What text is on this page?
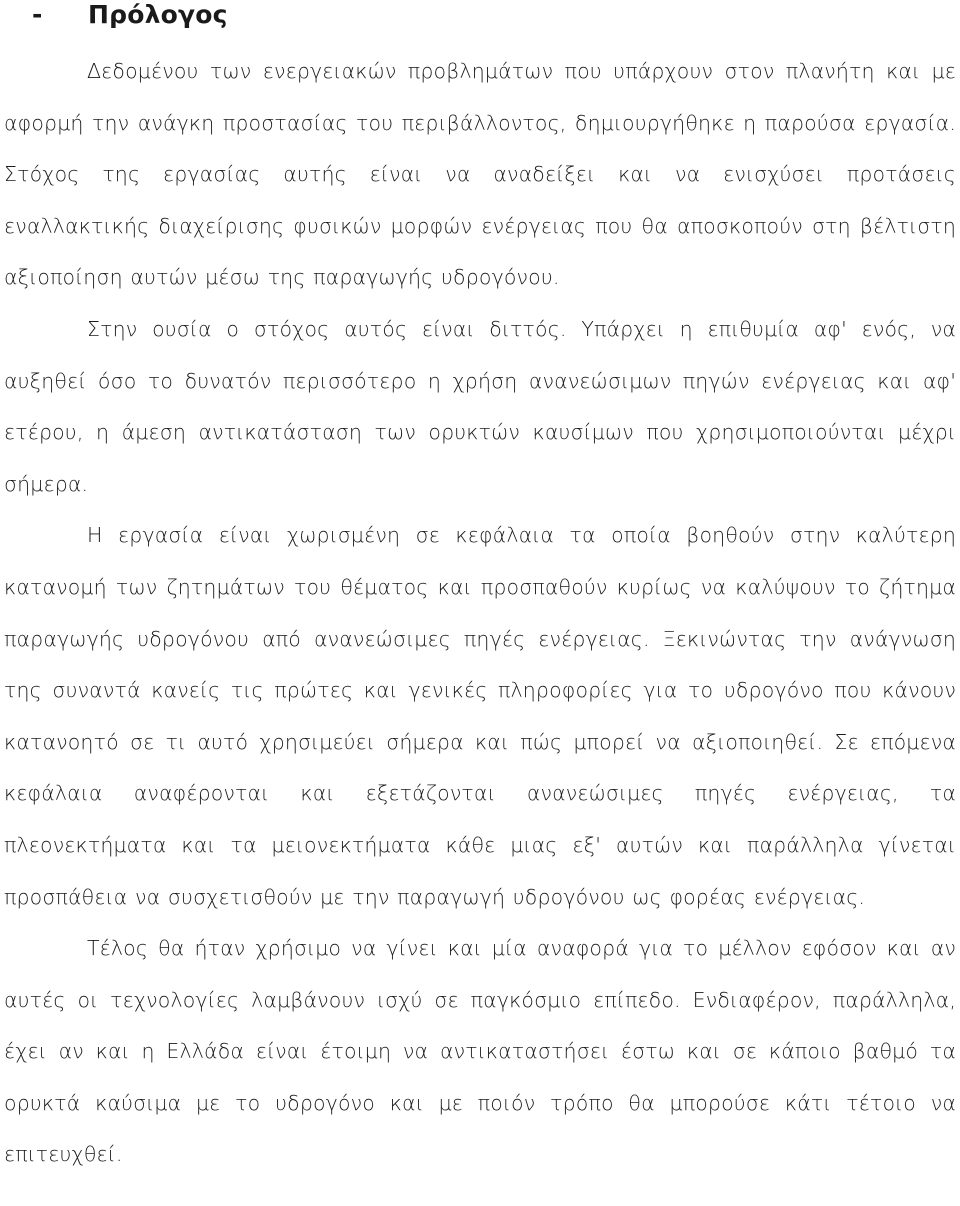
-	Πρόλογος

Δεδομένου των ενεργειακών προβλημάτων που υπάρχουν στον πλανήτη και με αφορμή την ανάγκη προστασίας του περιβάλλοντος, δημιουργήθηκε η παρούσα εργασία. Στόχος της εργασίας αυτής είναι να αναδείξει και να ενισχύσει προτάσεις εναλλακτικής διαχείρισης φυσικών μορφών ενέργειας που θα αποσκοπούν στη βέλτιστη αξιοποίηση αυτών μέσω της παραγωγής υδρογόνου.

Στην ουσία ο στόχος αυτός είναι διττός. Υπάρχει η επιθυμία αφ' ενός, να αυξηθεί όσο το δυνατόν περισσότερο η χρήση ανανεώσιμων πηγών ενέργειας και αφ' ετέρου, η άμεση αντικατάσταση των ορυκτών καυσίμων που χρησιμοποιούνται μέχρι σήμερα.

Η εργασία είναι χωρισμένη σε κεφάλαια τα οποία βοηθούν στην καλύτερη κατανομή των ζητημάτων του θέματος και προσπαθούν κυρίως να καλύψουν το ζήτημα παραγωγής υδρογόνου από ανανεώσιμες πηγές ενέργειας. Ξεκινώντας την ανάγνωση της συναντά κανείς τις πρώτες και γενικές πληροφορίες για το υδρογόνο που κάνουν κατανοητό σε τι αυτό χρησιμεύει σήμερα και πώς μπορεί να αξιοποιηθεί. Σε επόμενα κεφάλαια αναφέρονται και εξετάζονται ανανεώσιμες πηγές ενέργειας, τα πλεονεκτήματα και τα μειονεκτήματα κάθε μιας εξ' αυτών και παράλληλα γίνεται προσπάθεια να συσχετισθούν με την παραγωγή υδρογόνου ως φορέας ενέργειας.

Τέλος θα ήταν χρήσιμο να γίνει και μία αναφορά για το μέλλον εφόσον και αν αυτές οι τεχνολογίες λαμβάνουν ισχύ σε παγκόσμιο επίπεδο. Ενδιαφέρον, παράλληλα, έχει αν και η Ελλάδα είναι έτοιμη να αντικαταστήσει έστω και σε κάποιο βαθμό τα ορυκτά καύσιμα με το υδρογόνο και με ποιόν τρόπο θα μπορούσε κάτι τέτοιο να επιτευχθεί.
